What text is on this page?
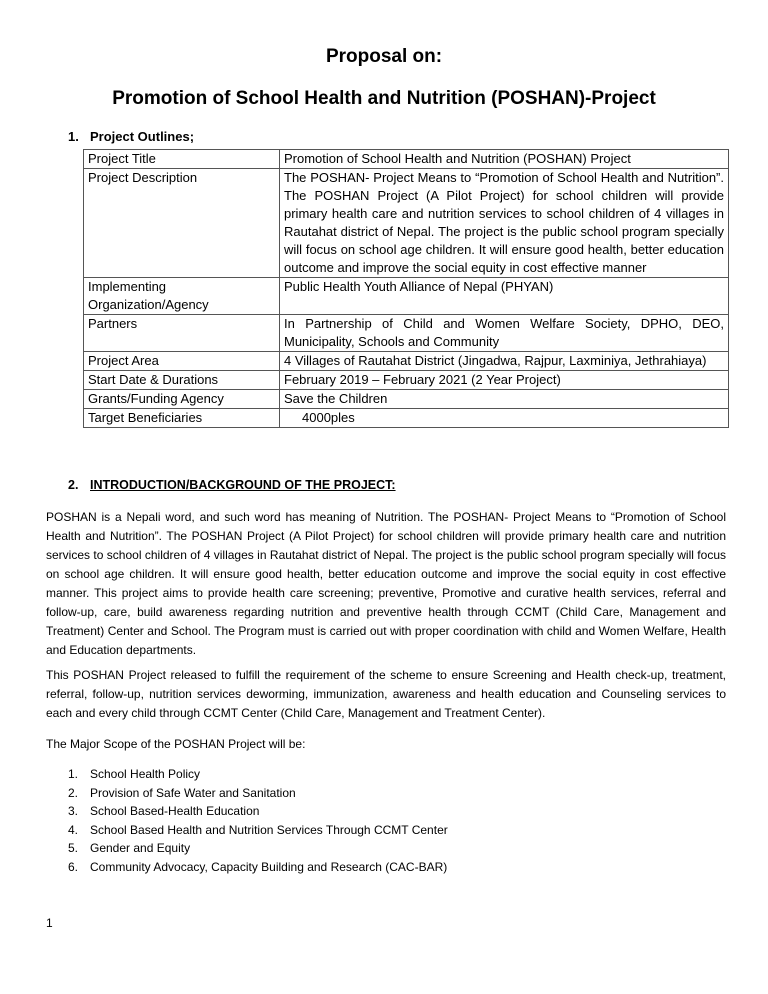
Proposal on:
Promotion of School Health and Nutrition (POSHAN)-Project
1. Project Outlines;
Project Title	Promotion of School Health and Nutrition (POSHAN) Project
Project Description	The POSHAN- Project Means to “Promotion of School Health and Nutrition”. The POSHAN Project (A Pilot Project) for school children will provide primary health care and nutrition services to school children of 4 villages in Rautahat district of Nepal. The project is the public school program specially will focus on school age children. It will ensure good health, better education outcome and improve the social equity in cost effective manner
Implementing Organization/Agency	Public Health Youth Alliance of Nepal (PHYAN)
Partners	In Partnership of Child and Women Welfare Society, DPHO, DEO, Municipality, Schools and Community
Project Area	4 Villages of Rautahat District (Jingadwa, Rajpur, Laxminiya, Jethrahiaya)
Start Date & Durations	February 2019 – February 2021 (2 Year Project)
Grants/Funding Agency	Save the Children
Target Beneficiaries	4000ples
2. INTRODUCTION/BACKGROUND OF THE PROJECT:

POSHAN is a Nepali word, and such word has meaning of Nutrition. The POSHAN- Project Means to “Promotion of School Health and Nutrition”. The POSHAN Project (A Pilot Project) for school children will provide primary health care and nutrition services to school children of 4 villages in Rautahat district of Nepal. The project is the public school program specially will focus on school age children. It will ensure good health, better education outcome and improve the social equity in cost effective manner. This project aims to provide health care screening; preventive, Promotive and curative health services, referral and follow-up, care, build awareness regarding nutrition and preventive health through CCMT (Child Care, Management and Treatment) Center and School. The Program must is carried out with proper coordination with child and Women Welfare, Health and Education departments.

This POSHAN Project released to fulfill the requirement of the scheme to ensure Screening and Health check-up, treatment, referral, follow-up, nutrition services deworming, immunization, awareness and health education and Counseling services to each and every child through CCMT Center (Child Care, Management and Treatment Center).

The Major Scope of the POSHAN Project will be:

1. School Health Policy
2. Provision of Safe Water and Sanitation
3. School Based-Health Education
4. School Based Health and Nutrition Services Through CCMT Center
5. Gender and Equity
6. Community Advocacy, Capacity Building and Research (CAC-BAR)
1
